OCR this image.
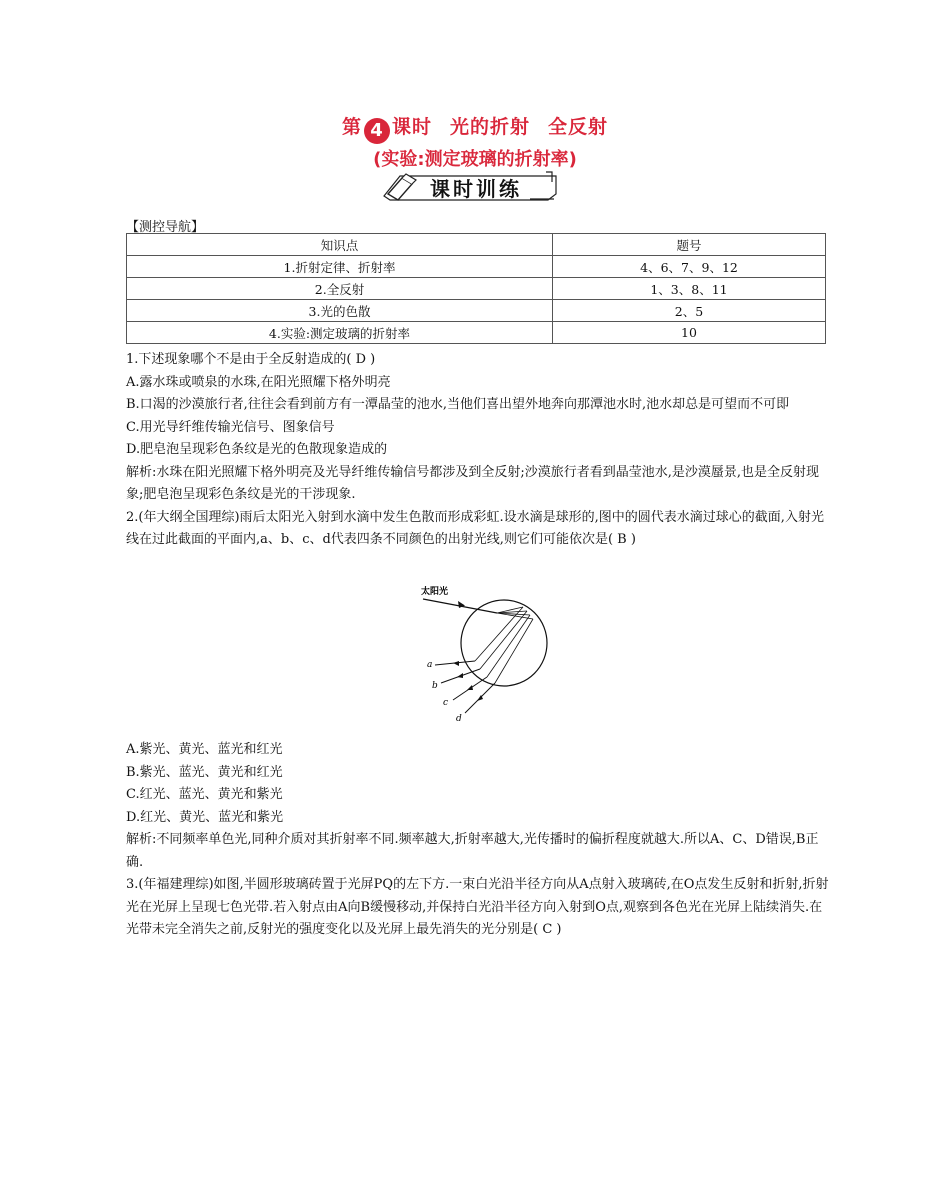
第 4 课时 光的折射 全反射
(实验:测定玻璃的折射率)
课时训练
【测控导航】
知识点	题号
1.折射定律、折射率	4、6、7、9、12
2.全反射	1、3、8、11
3.光的色散	2、5
4.实验:测定玻璃的折射率	10

1.下述现象哪个不是由于全反射造成的( D )

A.露水珠或喷泉的水珠,在阳光照耀下格外明亮

B.口渴的沙漠旅行者,往往会看到前方有一潭晶莹的池水,当他们喜出望外地奔向那潭池水时,池水却总是可望而不可即

C.用光导纤维传输光信号、图象信号

D.肥皂泡呈现彩色条纹是光的色散现象造成的

解析:水珠在阳光照耀下格外明亮及光导纤维传输信号都涉及到全反射;沙漠旅行者看到晶莹池水,是沙漠蜃景,也是全反射现象;肥皂泡呈现彩色条纹是光的干涉现象.

2.(年大纲全国理综)雨后太阳光入射到水滴中发生色散而形成彩虹.设水滴是球形的,图中的圆代表水滴过球心的截面,入射光线在过此截面的平面内,a、b、c、d代表四条不同颜色的出射光线,则它们可能依次是( B )

太阳光
a
b
c
d

A.紫光、黄光、蓝光和红光

B.紫光、蓝光、黄光和红光

C.红光、蓝光、黄光和紫光

D.红光、黄光、蓝光和紫光

解析:不同频率单色光,同种介质对其折射率不同.频率越大,折射率越大,光传播时的偏折程度就越大.所以A、C、D错误,B正确.

3.(年福建理综)如图,半圆形玻璃砖置于光屏PQ的左下方.一束白光沿半径方向从A点射入玻璃砖,在O点发生反射和折射,折射光在光屏上呈现七色光带.若入射点由A向B缓慢移动,并保持白光沿半径方向入射到O点,观察到各色光在光屏上陆续消失.在光带未完全消失之前,反射光的强度变化以及光屏上最先消失的光分别是( C )
